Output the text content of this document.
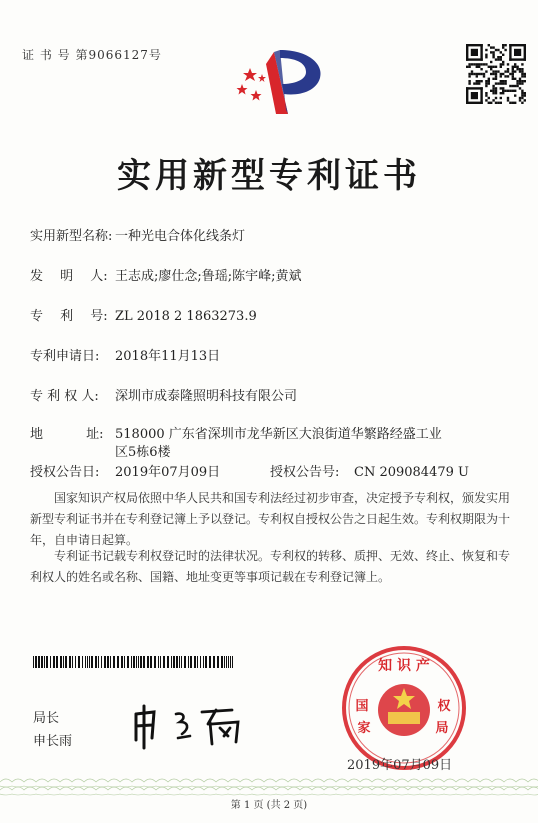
证 书 号 第9066127号
实用新型专利证书
实用新型名称: 一种光电合体化线条灯
发　 明　 人: 王志成;廖仕念;鲁瑶;陈宇峰;黄斌
专　 利　 号: ZL 2018 2 1863273.9
专利申请日: 2018年11月13日
专 利 权 人: 深圳市成泰隆照明科技有限公司
地　　　 址: 518000 广东省深圳市龙华新区大浪街道华繁路经盛工业
区5栋6楼
授权公告日: 2019年07月09日	授权公告号: CN 209084479 U
国家知识产权局依照中华人民共和国专利法经过初步审查，决定授予专利权，颁发实用新型专利证书并在专利登记簿上予以登记。专利权自授权公告之日起生效。专利权期限为十年，自申请日起算。
专利证书记载专利权登记时的法律状况。专利权的转移、质押、无效、终止、恢复和专利权人的姓名或名称、国籍、地址变更等事项记载在专利登记簿上。
局长
申长雨
知 识 产
国
家
权
局
2019年07月09日
第 1 页 (共 2 页)
